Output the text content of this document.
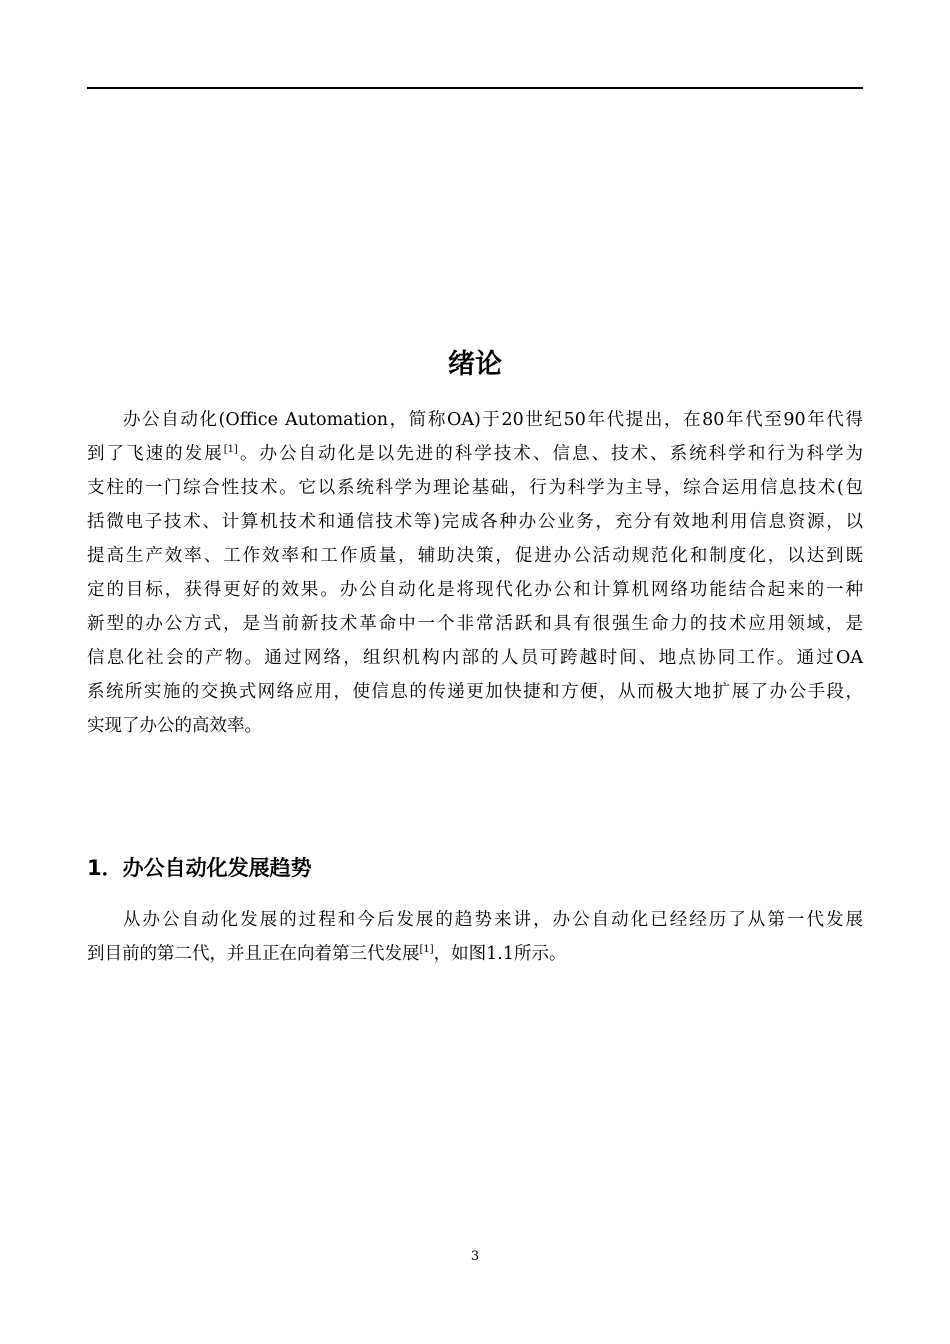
绪论
办公自动化(Office Automation，简称OA)于20世纪50年代提出，在80年代至90年代得
到了飞速的发展[1]。办公自动化是以先进的科学技术、信息、技术、系统科学和行为科学为
支柱的一门综合性技术。它以系统科学为理论基础，行为科学为主导，综合运用信息技术(包
括微电子技术、计算机技术和通信技术等)完成各种办公业务，充分有效地利用信息资源，以
提高生产效率、工作效率和工作质量，辅助决策，促进办公活动规范化和制度化，以达到既
定的目标，获得更好的效果。办公自动化是将现代化办公和计算机网络功能结合起来的一种
新型的办公方式，是当前新技术革命中一个非常活跃和具有很强生命力的技术应用领域，是
信息化社会的产物。通过网络，组织机构内部的人员可跨越时间、地点协同工作。通过OA
系统所实施的交换式网络应用，使信息的传递更加快捷和方便，从而极大地扩展了办公手段，
实现了办公的高效率。
1．办公自动化发展趋势
从办公自动化发展的过程和今后发展的趋势来讲，办公自动化已经经历了从第一代发展
到目前的第二代，并且正在向着第三代发展[1]，如图1.1所示。
3
